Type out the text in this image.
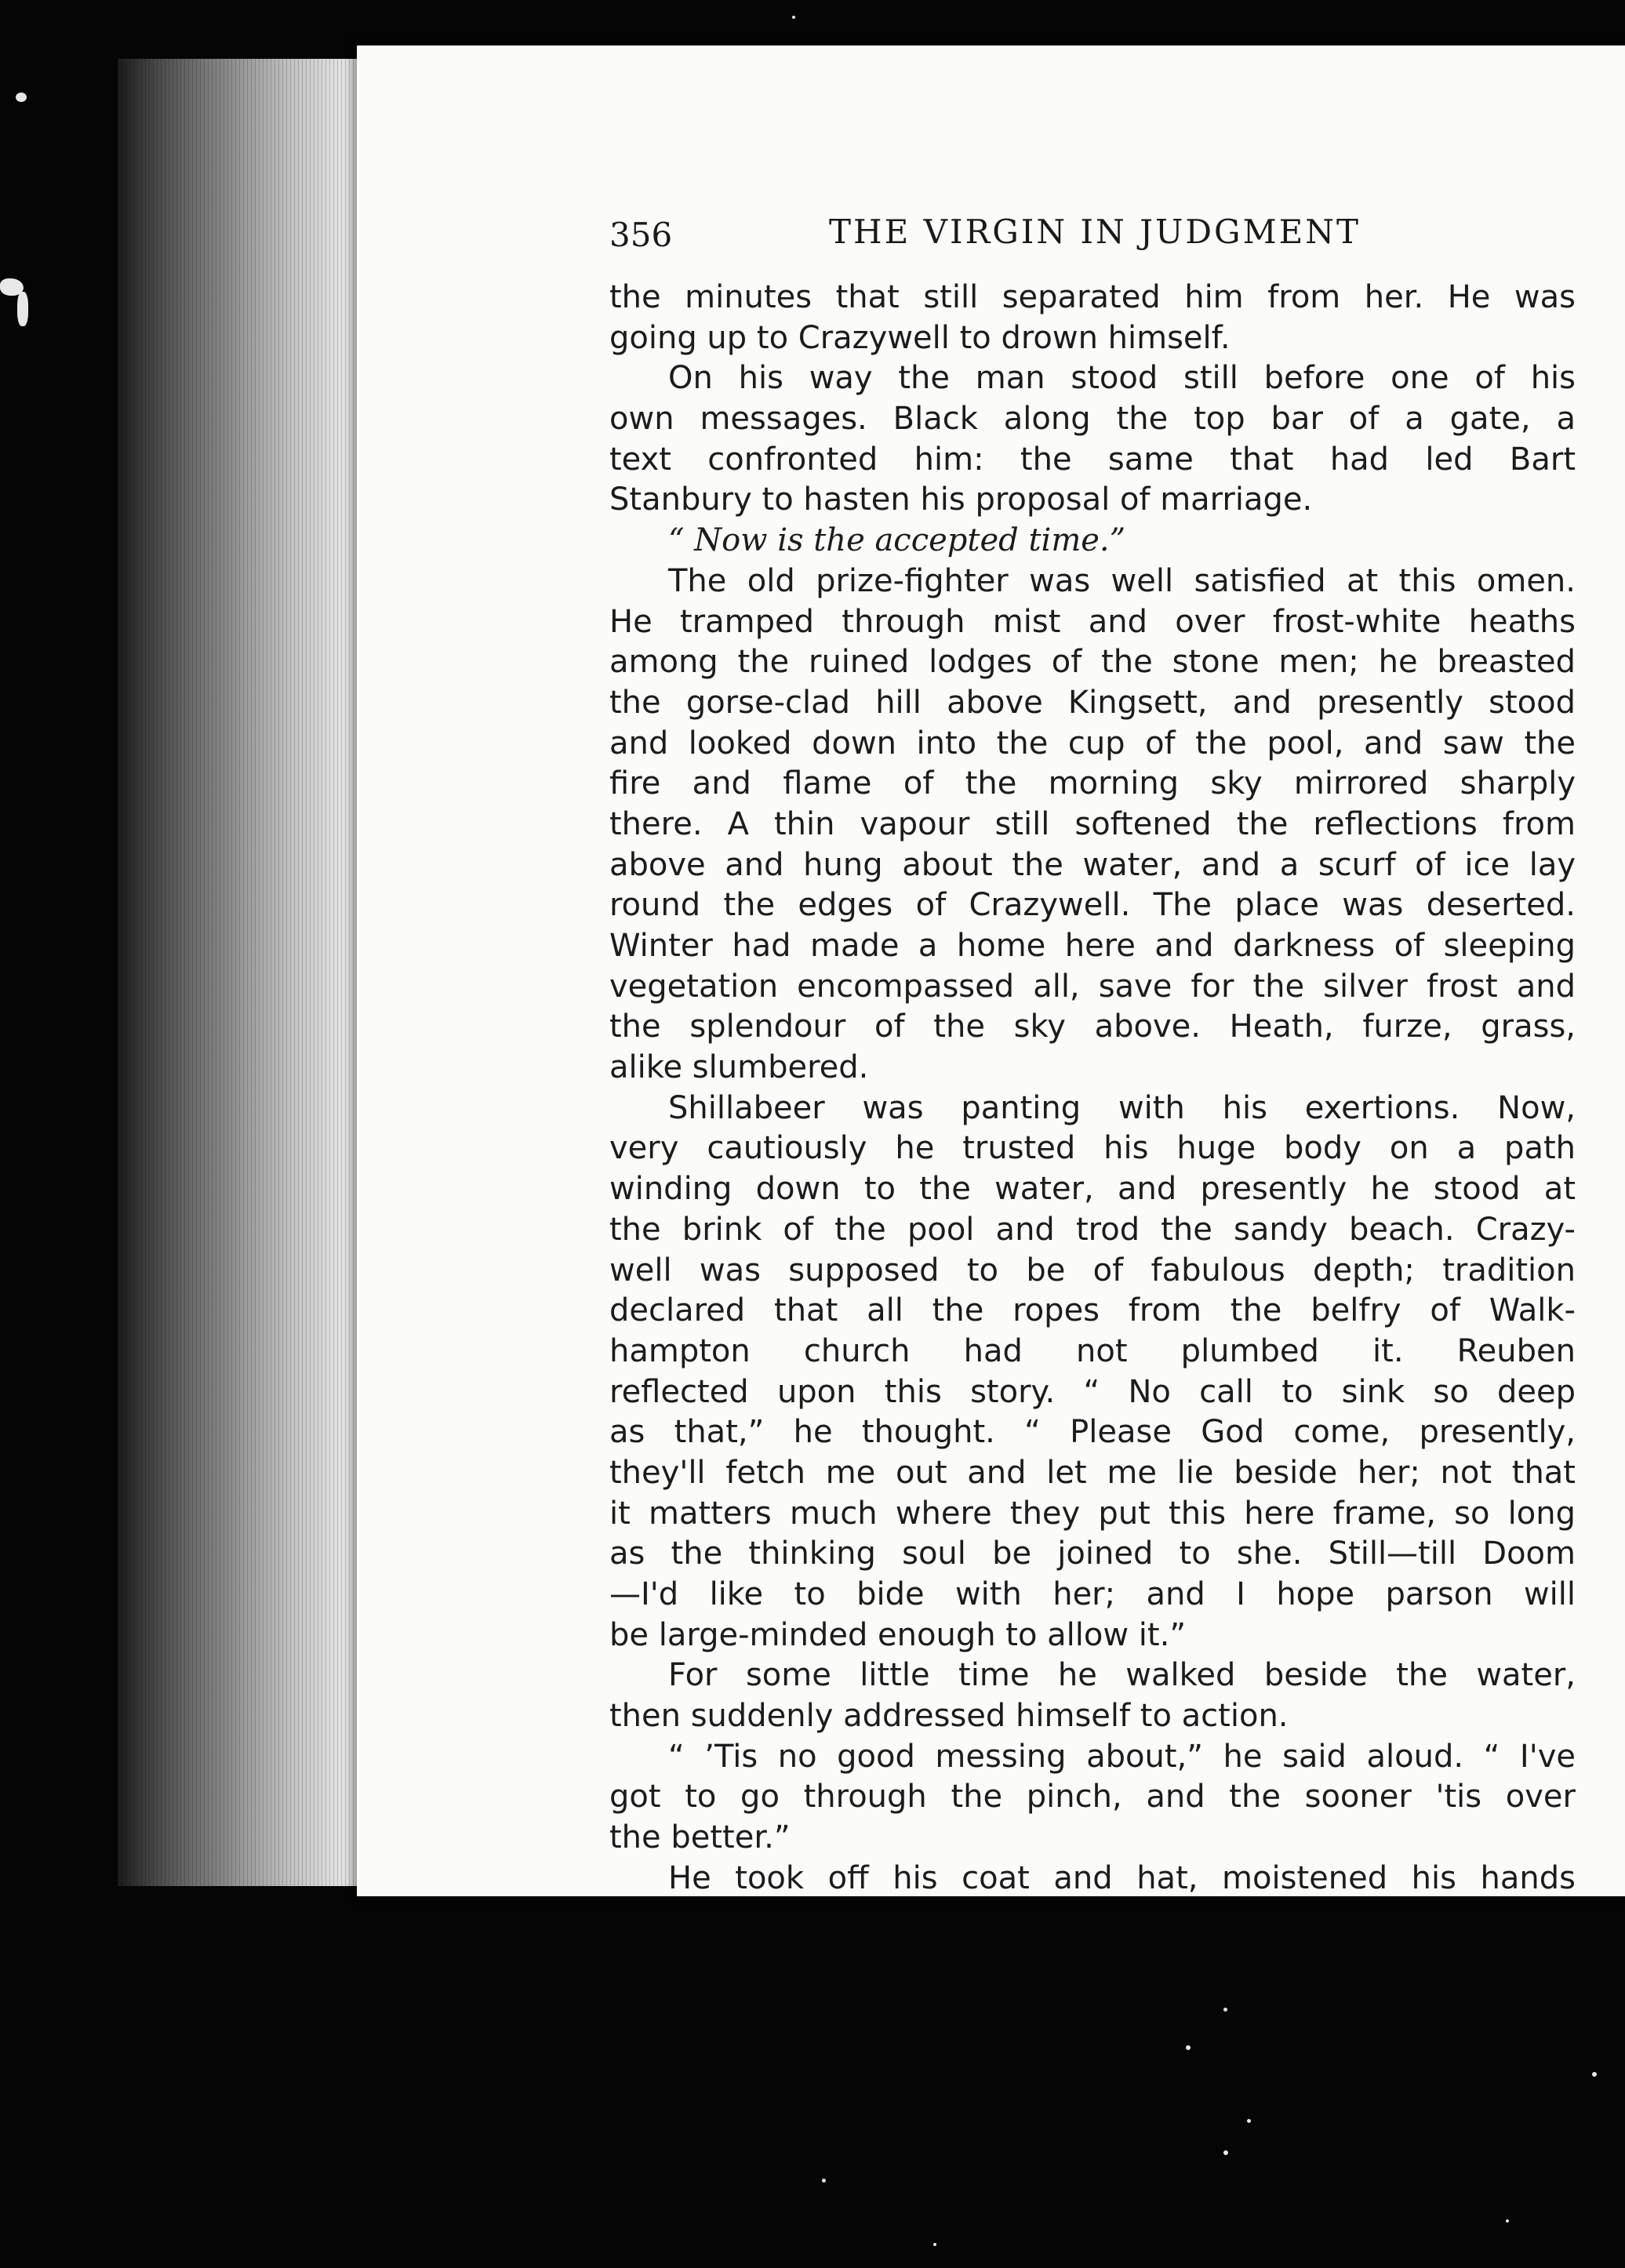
356	THE VIRGIN IN JUDGMENT
the minutes that still separated him from her. He was
going up to Crazywell to drown himself.
On his way the man stood still before one of his
own messages. Black along the top bar of a gate, a
text confronted him: the same that had led Bart
Stanbury to hasten his proposal of marriage.
“ Now is the accepted time.”
The old prize-fighter was well satisfied at this omen.
He tramped through mist and over frost-white heaths
among the ruined lodges of the stone men; he breasted
the gorse-clad hill above Kingsett, and presently stood
and looked down into the cup of the pool, and saw the
fire and flame of the morning sky mirrored sharply
there. A thin vapour still softened the reflections from
above and hung about the water, and a scurf of ice lay
round the edges of Crazywell. The place was deserted.
Winter had made a home here and darkness of sleeping
vegetation encompassed all, save for the silver frost and
the splendour of the sky above. Heath, furze, grass,
alike slumbered.
Shillabeer was panting with his exertions. Now,
very cautiously he trusted his huge body on a path
winding down to the water, and presently he stood at
the brink of the pool and trod the sandy beach. Crazy-
well was supposed to be of fabulous depth; tradition
declared that all the ropes from the belfry of Walk-
hampton church had not plumbed it. Reuben
reflected upon this story. “ No call to sink so deep
as that,” he thought. “ Please God come, presently,
they'll fetch me out and let me lie beside her; not that
it matters much where they put this here frame, so long
as the thinking soul be joined to she. Still—till Doom
—I'd like to bide with her; and I hope parson will
be large-minded enough to allow it.”
For some little time he walked beside the water,
then suddenly addressed himself to action.
“ ’Tis no good messing about,” he said aloud. “ I've
got to go through the pinch, and the sooner 'tis over
the better.”
He took off his coat and hat, moistened his hands
